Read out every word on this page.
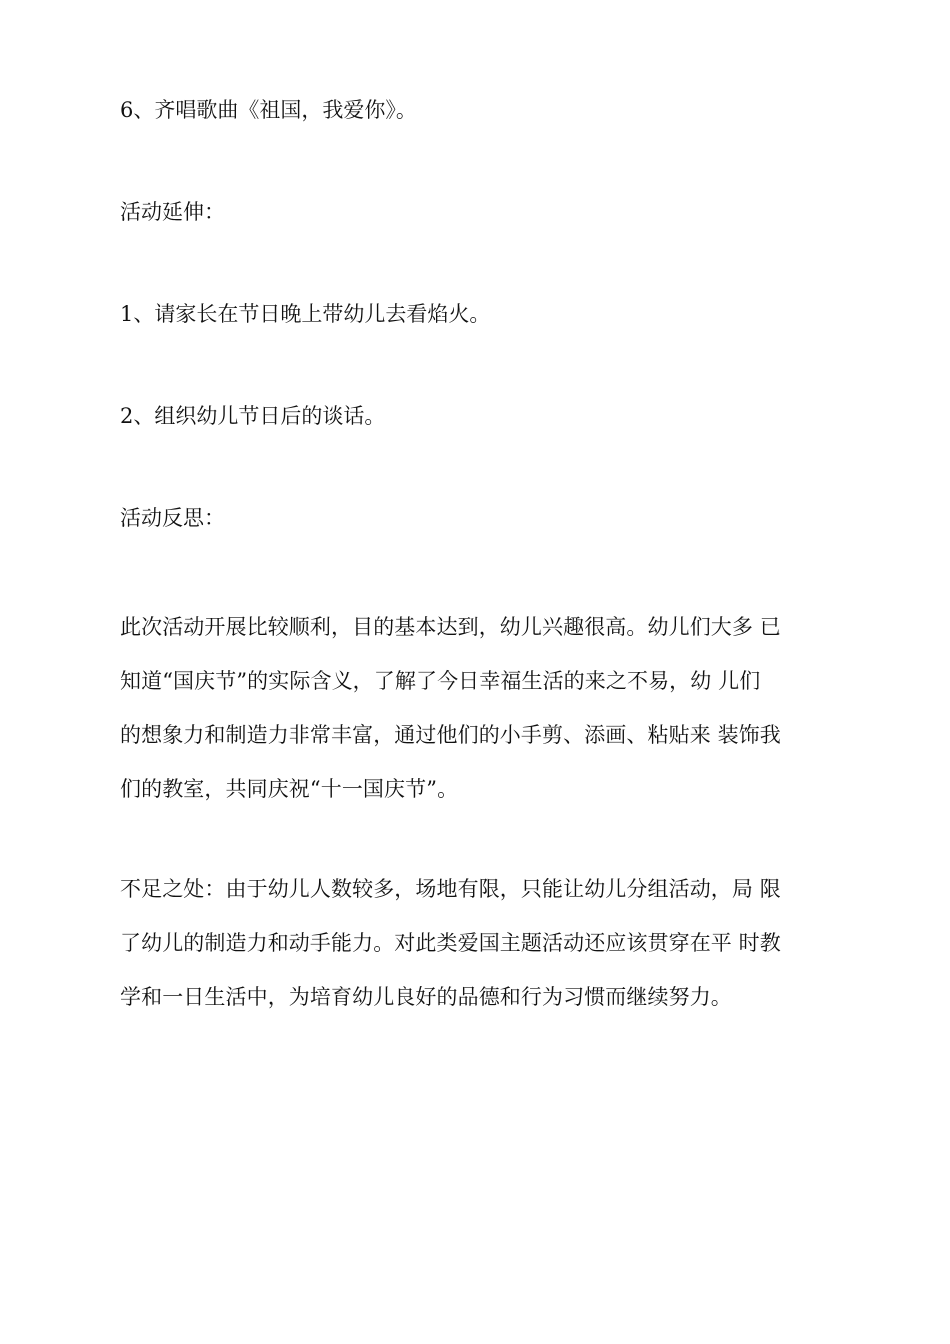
6、齐唱歌曲《祖国，我爱你》。
活动延伸：
1、请家长在节日晚上带幼儿去看焰火。
2、组织幼儿节日后的谈话。
活动反思：
此次活动开展比较顺利，目的基本达到，幼儿兴趣很高。幼儿们大多 已
知道“国庆节”的实际含义，了解了今日幸福生活的来之不易，幼 儿们
的想象力和制造力非常丰富，通过他们的小手剪、添画、粘贴来 装饰我
们的教室，共同庆祝“十一国庆节”。
不足之处：由于幼儿人数较多，场地有限，只能让幼儿分组活动，局 限
了幼儿的制造力和动手能力。对此类爱国主题活动还应该贯穿在平 时教
学和一日生活中，为培育幼儿良好的品德和行为习惯而继续努力。
